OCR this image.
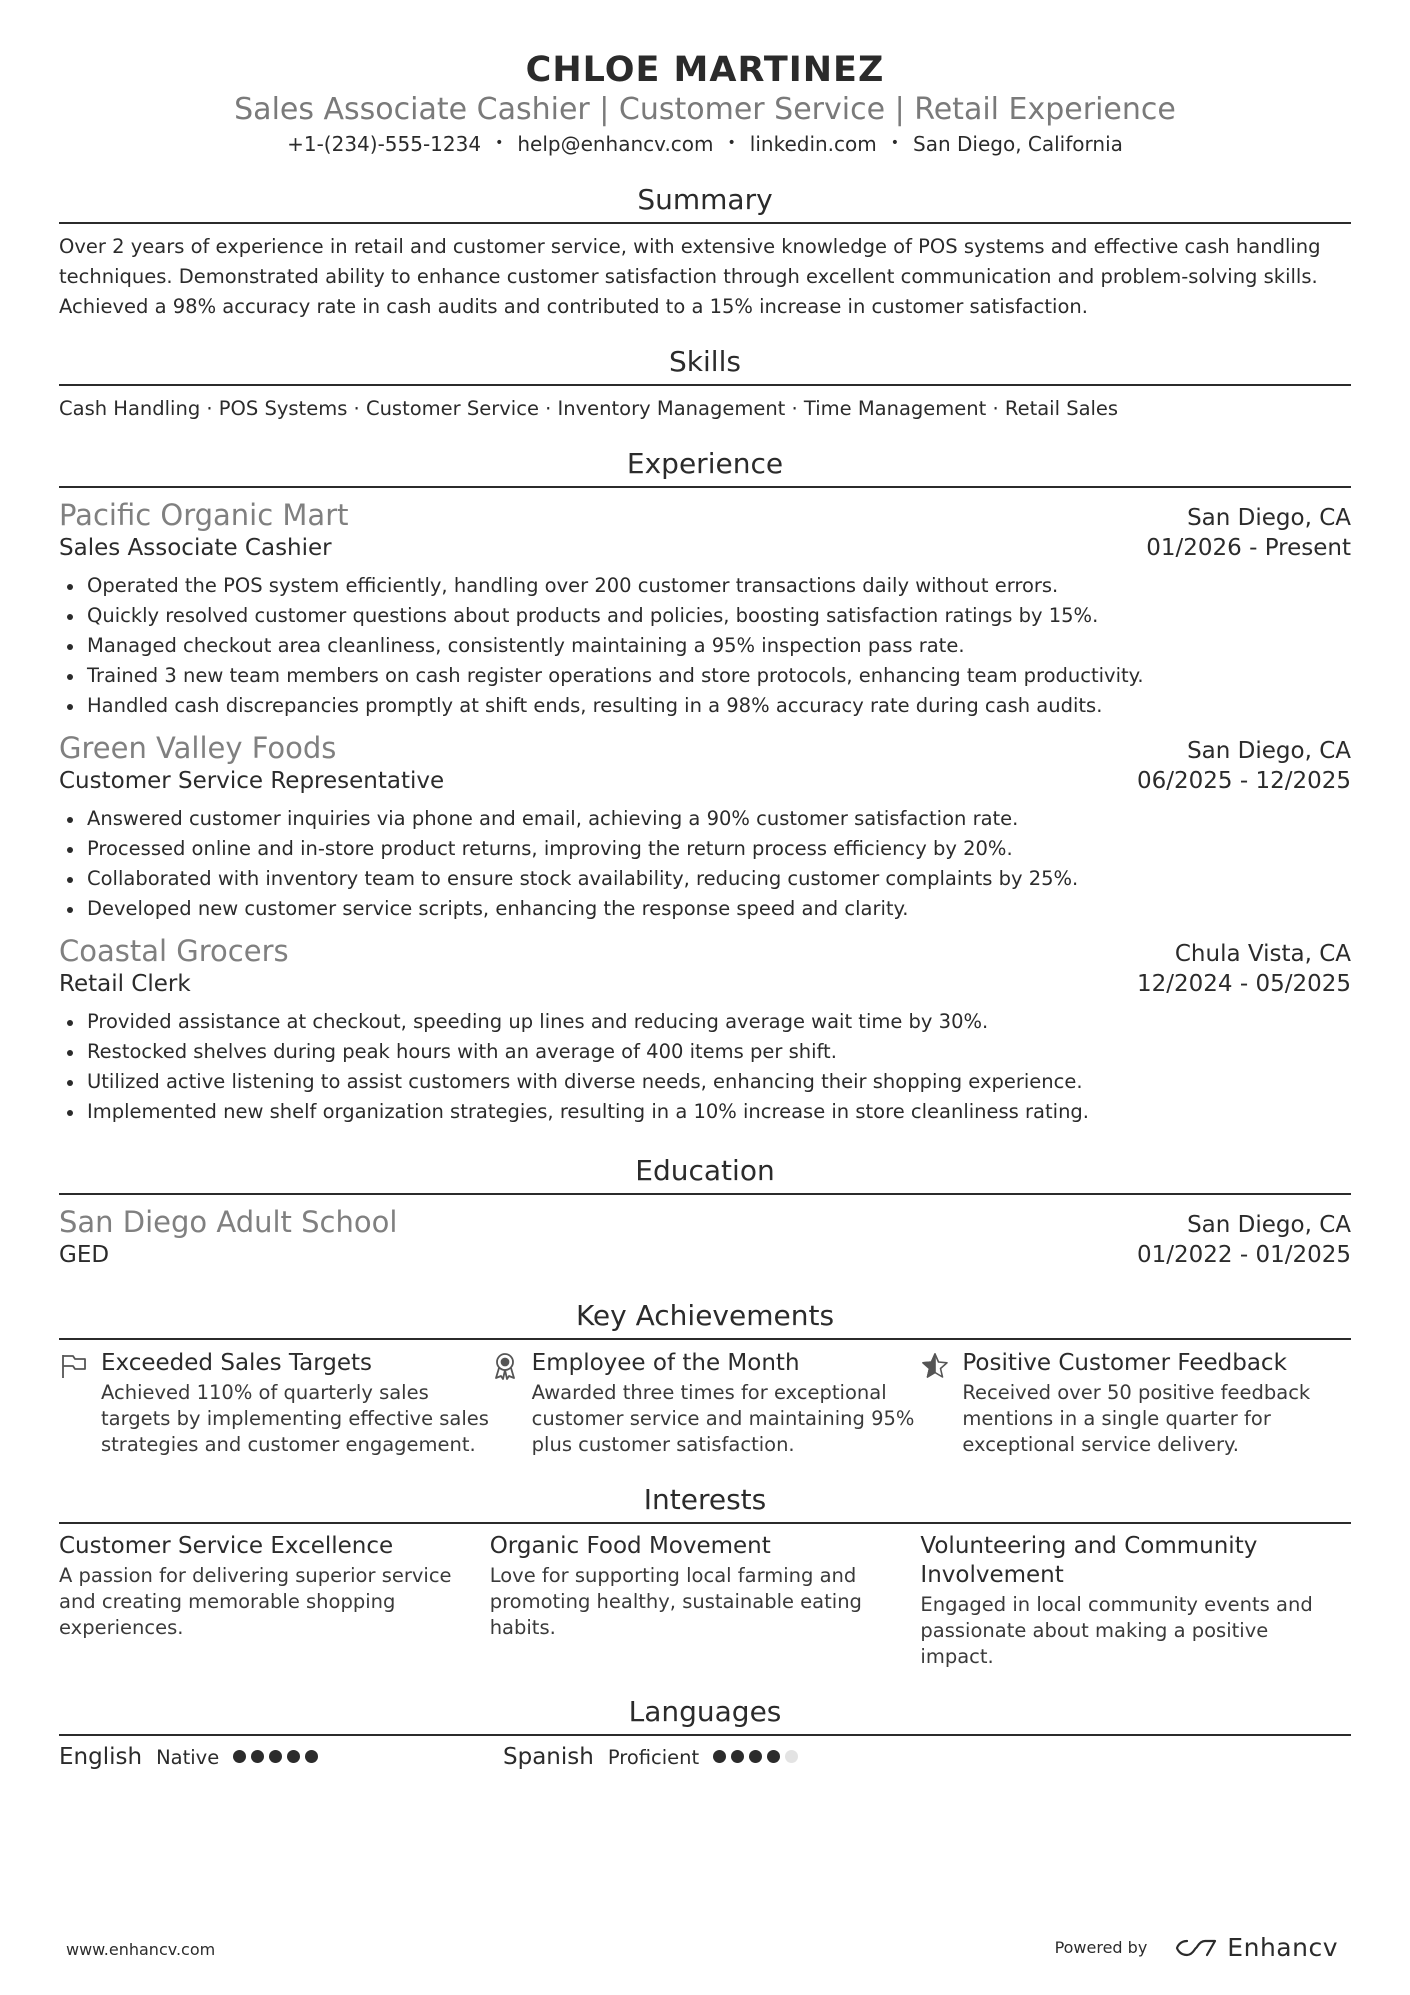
CHLOE MARTINEZ
Sales Associate Cashier | Customer Service | Retail Experience
+1-(234)-555-1234 • help@enhancv.com • linkedin.com • San Diego, California
Summary
Over 2 years of experience in retail and customer service, with extensive knowledge of POS systems and effective cash handling techniques. Demonstrated ability to enhance customer satisfaction through excellent communication and problem-solving skills. Achieved a 98% accuracy rate in cash audits and contributed to a 15% increase in customer satisfaction.
Skills
Cash Handling · POS Systems · Customer Service · Inventory Management · Time Management · Retail Sales
Experience
Pacific Organic Mart	San Diego, CA
Sales Associate Cashier	01/2026 - Present
Operated the POS system efficiently, handling over 200 customer transactions daily without errors.
Quickly resolved customer questions about products and policies, boosting satisfaction ratings by 15%.
Managed checkout area cleanliness, consistently maintaining a 95% inspection pass rate.
Trained 3 new team members on cash register operations and store protocols, enhancing team productivity.
Handled cash discrepancies promptly at shift ends, resulting in a 98% accuracy rate during cash audits.
Green Valley Foods	San Diego, CA
Customer Service Representative	06/2025 - 12/2025
Answered customer inquiries via phone and email, achieving a 90% customer satisfaction rate.
Processed online and in-store product returns, improving the return process efficiency by 20%.
Collaborated with inventory team to ensure stock availability, reducing customer complaints by 25%.
Developed new customer service scripts, enhancing the response speed and clarity.
Coastal Grocers	Chula Vista, CA
Retail Clerk	12/2024 - 05/2025
Provided assistance at checkout, speeding up lines and reducing average wait time by 30%.
Restocked shelves during peak hours with an average of 400 items per shift.
Utilized active listening to assist customers with diverse needs, enhancing their shopping experience.
Implemented new shelf organization strategies, resulting in a 10% increase in store cleanliness rating.
Education
San Diego Adult School	San Diego, CA
GED	01/2022 - 01/2025
Key Achievements
Exceeded Sales Targets
Achieved 110% of quarterly sales targets by implementing effective sales strategies and customer engagement.
Employee of the Month
Awarded three times for exceptional customer service and maintaining 95% plus customer satisfaction.
Positive Customer Feedback
Received over 50 positive feedback mentions in a single quarter for exceptional service delivery.
Interests
Customer Service Excellence
A passion for delivering superior service and creating memorable shopping experiences.
Organic Food Movement
Love for supporting local farming and promoting healthy, sustainable eating habits.
Volunteering and Community Involvement
Engaged in local community events and passionate about making a positive impact.
Languages
English Native	Spanish Proficient
www.enhancv.com	Powered by	Enhancv
